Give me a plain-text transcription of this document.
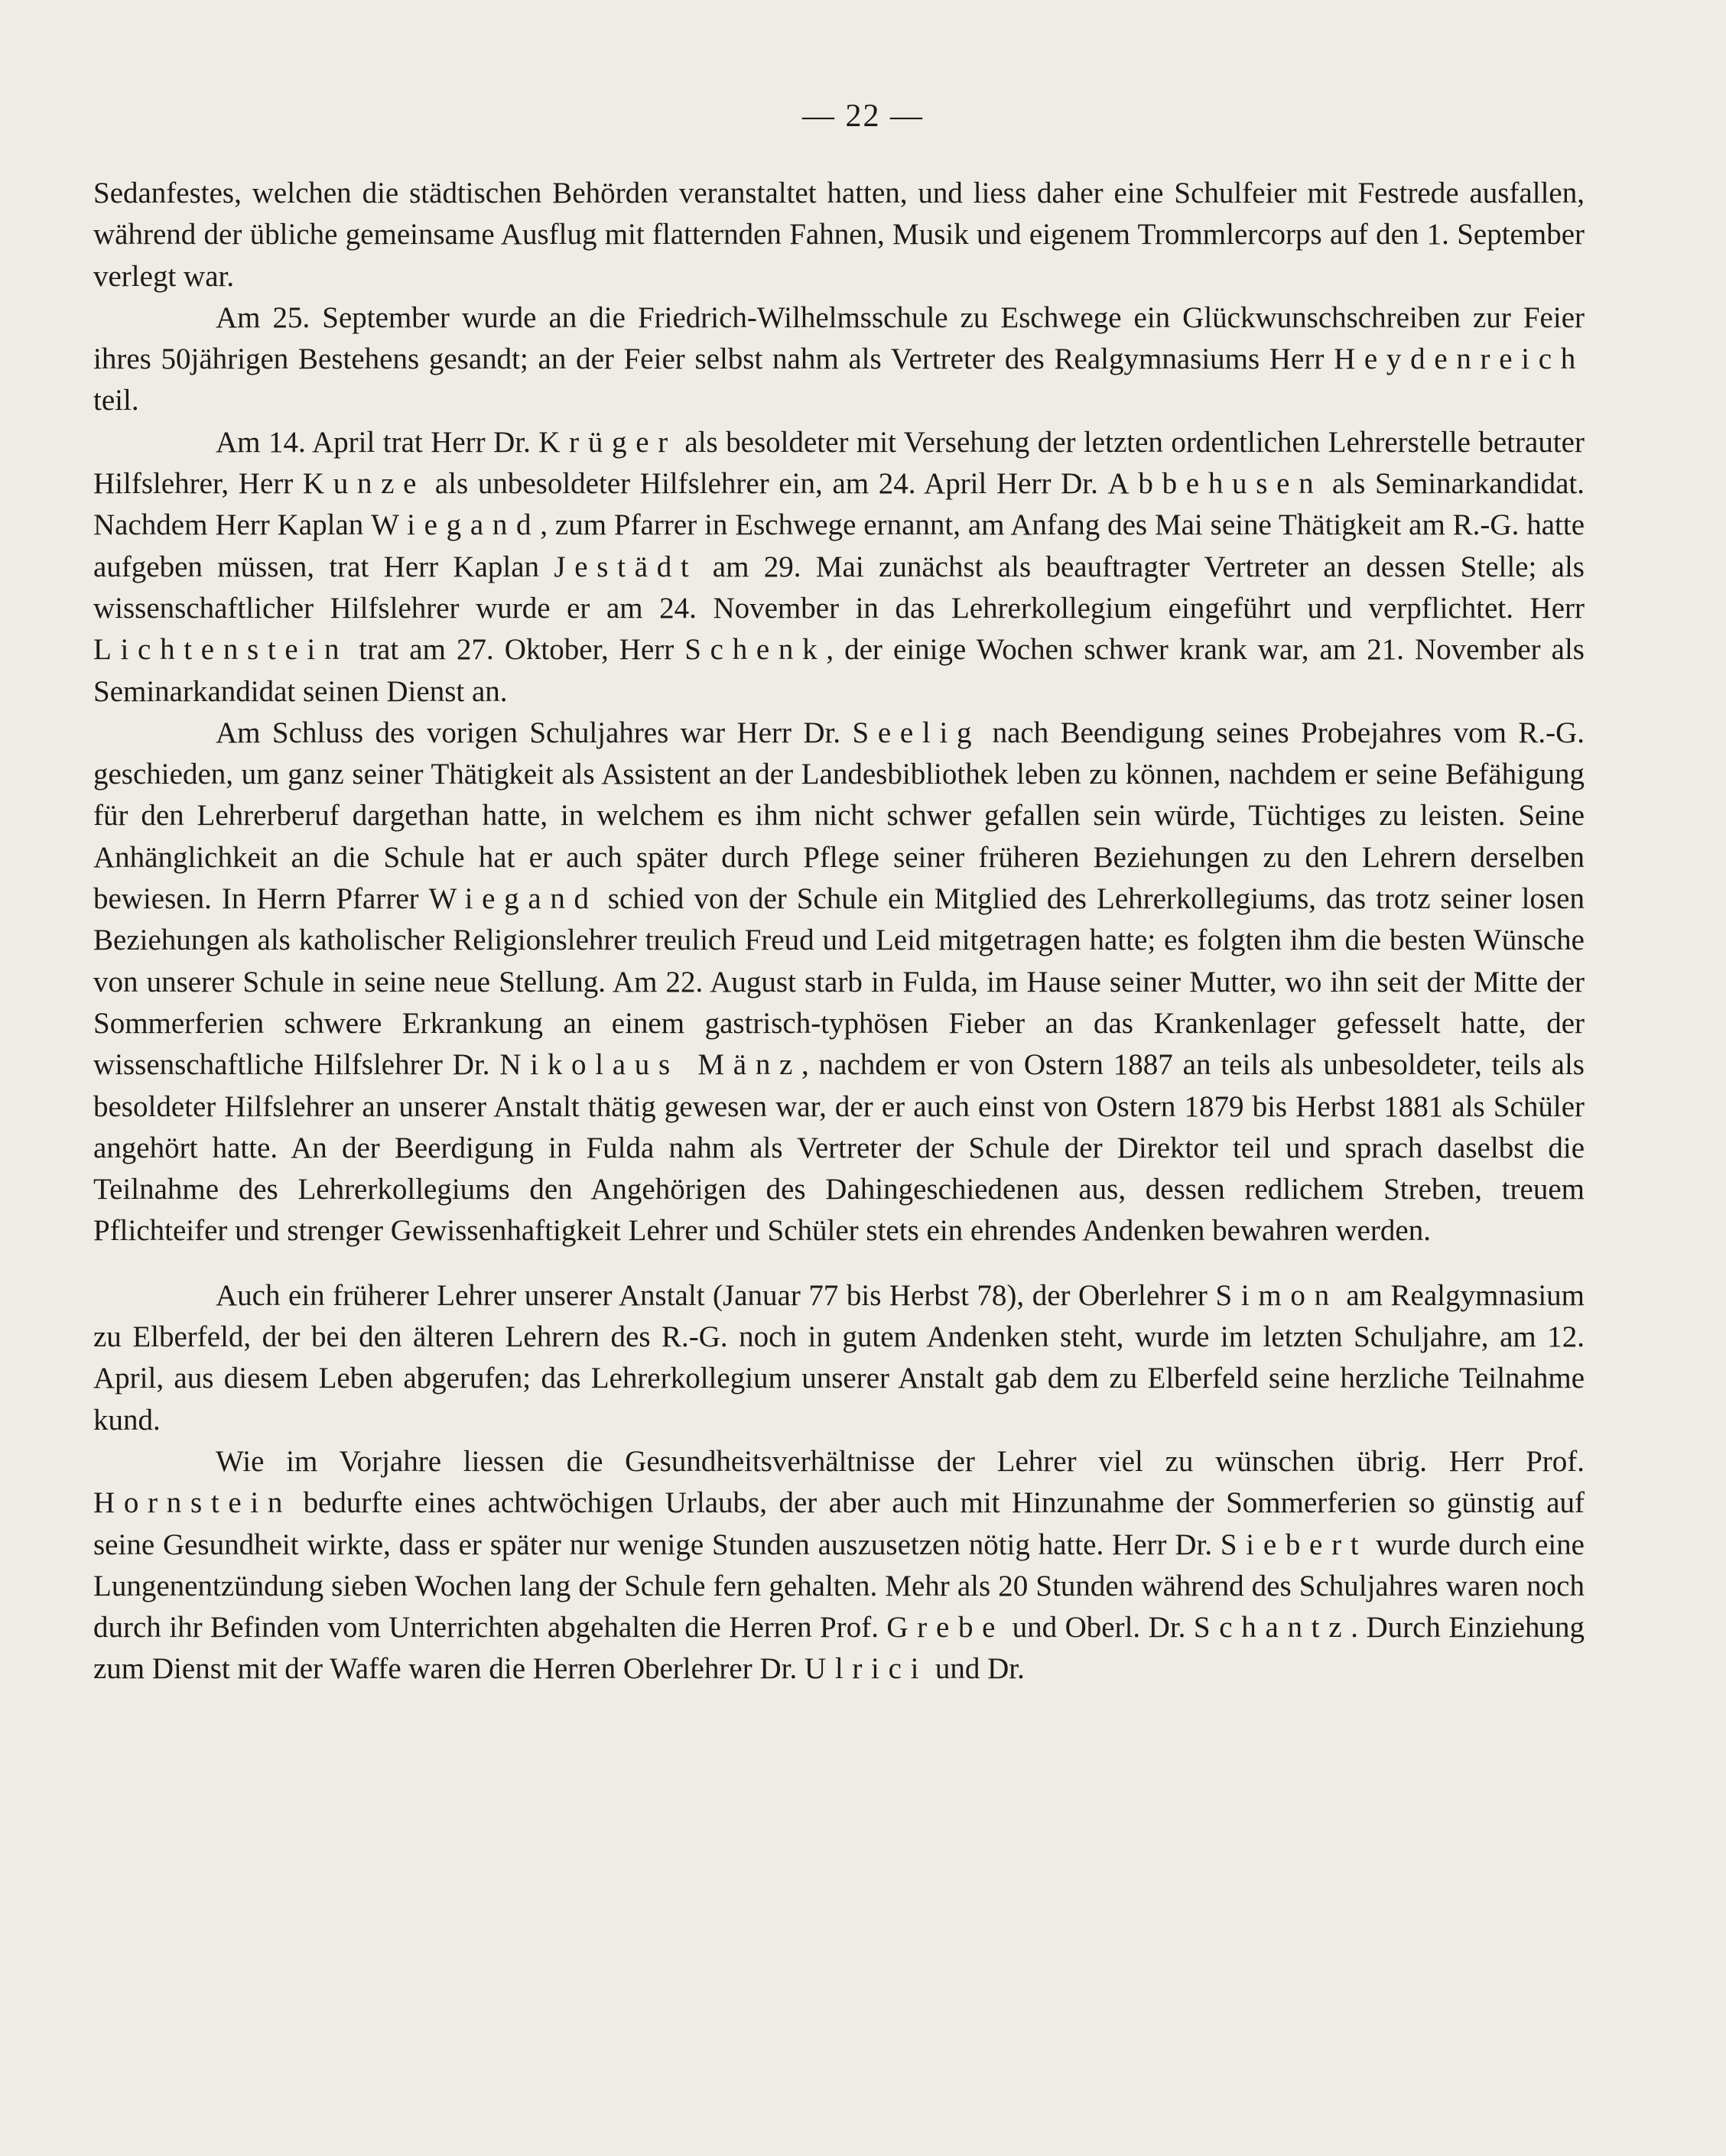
— 22 —

Sedanfestes, welchen die städtischen Behörden veranstaltet hatten, und liess daher eine Schulfeier mit Festrede ausfallen, während der übliche gemeinsame Ausflug mit flatternden Fahnen, Musik und eigenem Trommlercorps auf den 1. September verlegt war.

Am 25. September wurde an die Friedrich-Wilhelmsschule zu Eschwege ein Glückwunschschreiben zur Feier ihres 50jährigen Bestehens gesandt; an der Feier selbst nahm als Vertreter des Realgymnasiums Herr Heydenreich teil.

Am 14. April trat Herr Dr. Krüger als besoldeter mit Versehung der letzten ordentlichen Lehrerstelle betrauter Hilfslehrer, Herr Kunze als unbesoldeter Hilfslehrer ein, am 24. April Herr Dr. Abbehusen als Seminarkandidat. Nachdem Herr Kaplan Wiegand, zum Pfarrer in Eschwege ernannt, am Anfang des Mai seine Thätigkeit am R.-G. hatte aufgeben müssen, trat Herr Kaplan Jestädt am 29. Mai zunächst als beauftragter Vertreter an dessen Stelle; als wissenschaftlicher Hilfslehrer wurde er am 24. November in das Lehrerkollegium eingeführt und verpflichtet. Herr Lichtenstein trat am 27. Oktober, Herr Schenk, der einige Wochen schwer krank war, am 21. November als Seminarkandidat seinen Dienst an.

Am Schluss des vorigen Schuljahres war Herr Dr. Seelig nach Beendigung seines Probejahres vom R.-G. geschieden, um ganz seiner Thätigkeit als Assistent an der Landesbibliothek leben zu können, nachdem er seine Befähigung für den Lehrerberuf dargethan hatte, in welchem es ihm nicht schwer gefallen sein würde, Tüchtiges zu leisten. Seine Anhänglichkeit an die Schule hat er auch später durch Pflege seiner früheren Beziehungen zu den Lehrern derselben bewiesen. In Herrn Pfarrer Wiegand schied von der Schule ein Mitglied des Lehrerkollegiums, das trotz seiner losen Beziehungen als katholischer Religionslehrer treulich Freud und Leid mitgetragen hatte; es folgten ihm die besten Wünsche von unserer Schule in seine neue Stellung. Am 22. August starb in Fulda, im Hause seiner Mutter, wo ihn seit der Mitte der Sommerferien schwere Erkrankung an einem gastrisch-typhösen Fieber an das Krankenlager gefesselt hatte, der wissenschaftliche Hilfslehrer Dr. Nikolaus Mänz, nachdem er von Ostern 1887 an teils als unbesoldeter, teils als besoldeter Hilfslehrer an unserer Anstalt thätig gewesen war, der er auch einst von Ostern 1879 bis Herbst 1881 als Schüler angehört hatte. An der Beerdigung in Fulda nahm als Vertreter der Schule der Direktor teil und sprach daselbst die Teilnahme des Lehrerkollegiums den Angehörigen des Dahingeschiedenen aus, dessen redlichem Streben, treuem Pflichteifer und strenger Gewissenhaftigkeit Lehrer und Schüler stets ein ehrendes Andenken bewahren werden.

Auch ein früherer Lehrer unserer Anstalt (Januar 77 bis Herbst 78), der Oberlehrer Simon am Realgymnasium zu Elberfeld, der bei den älteren Lehrern des R.-G. noch in gutem Andenken steht, wurde im letzten Schuljahre, am 12. April, aus diesem Leben abgerufen; das Lehrerkollegium unserer Anstalt gab dem zu Elberfeld seine herzliche Teilnahme kund.

Wie im Vorjahre liessen die Gesundheitsverhältnisse der Lehrer viel zu wünschen übrig. Herr Prof. Hornstein bedurfte eines achtwöchigen Urlaubs, der aber auch mit Hinzunahme der Sommerferien so günstig auf seine Gesundheit wirkte, dass er später nur wenige Stunden auszusetzen nötig hatte. Herr Dr. Siebert wurde durch eine Lungenentzündung sieben Wochen lang der Schule fern gehalten. Mehr als 20 Stunden während des Schuljahres waren noch durch ihr Befinden vom Unterrichten abgehalten die Herren Prof. Grebe und Oberl. Dr. Schantz. Durch Einziehung zum Dienst mit der Waffe waren die Herren Oberlehrer Dr. Ulrici und Dr.
